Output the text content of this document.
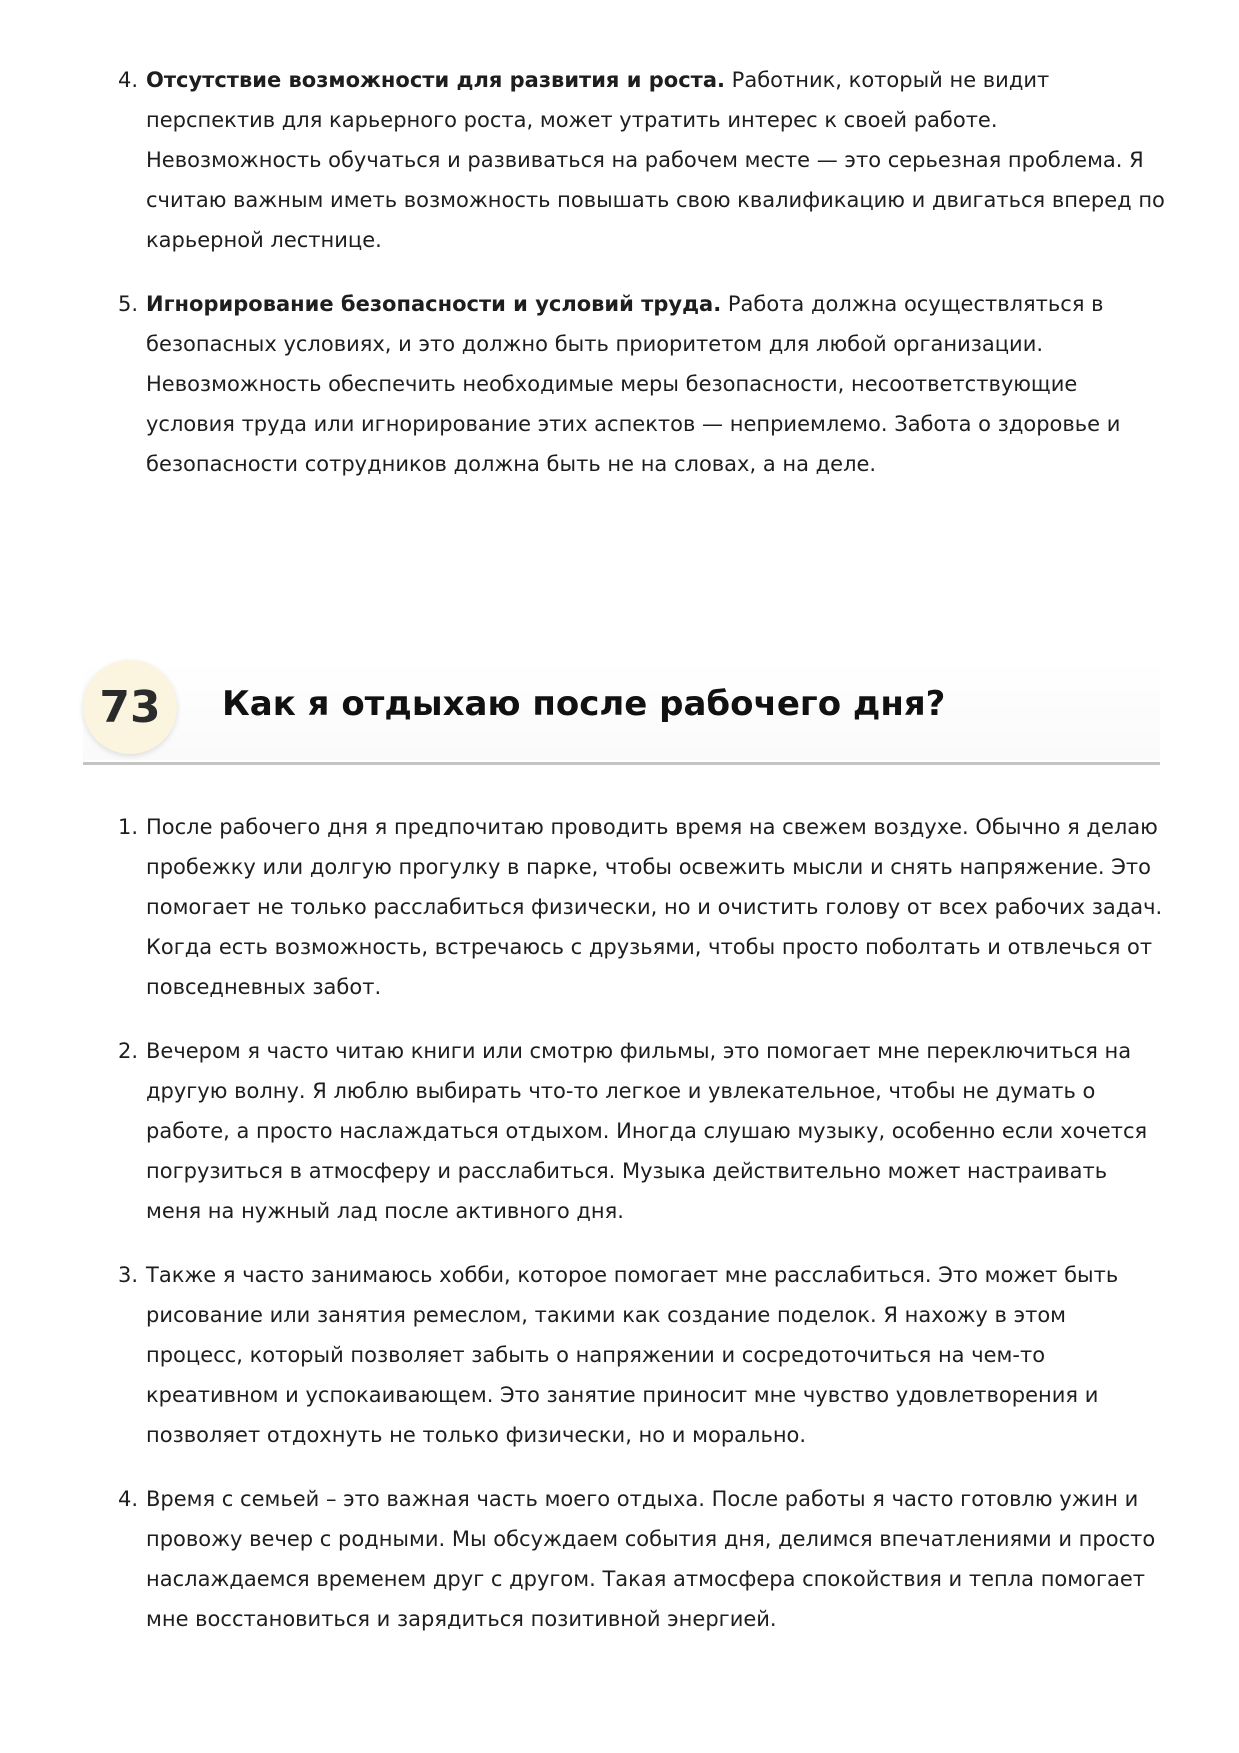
4. Отсутствие возможности для развития и роста. Работник, который не видит перспектив для карьерного роста, может утратить интерес к своей работе. Невозможность обучаться и развиваться на рабочем месте — это серьезная проблема. Я считаю важным иметь возможность повышать свою квалификацию и двигаться вперед по карьерной лестнице.
5. Игнорирование безопасности и условий труда. Работа должна осуществляться в безопасных условиях, и это должно быть приоритетом для любой организации. Невозможность обеспечить необходимые меры безопасности, несоответствующие условия труда или игнорирование этих аспектов — неприемлемо. Забота о здоровье и безопасности сотрудников должна быть не на словах, а на деле.
73	Как я отдыхаю после рабочего дня?
1. После рабочего дня я предпочитаю проводить время на свежем воздухе. Обычно я делаю пробежку или долгую прогулку в парке, чтобы освежить мысли и снять напряжение. Это помогает не только расслабиться физически, но и очистить голову от всех рабочих задач. Когда есть возможность, встречаюсь с друзьями, чтобы просто поболтать и отвлечься от повседневных забот.
2. Вечером я часто читаю книги или смотрю фильмы, это помогает мне переключиться на другую волну. Я люблю выбирать что-то легкое и увлекательное, чтобы не думать о работе, а просто наслаждаться отдыхом. Иногда слушаю музыку, особенно если хочется погрузиться в атмосферу и расслабиться. Музыка действительно может настраивать меня на нужный лад после активного дня.
3. Также я часто занимаюсь хобби, которое помогает мне расслабиться. Это может быть рисование или занятия ремеслом, такими как создание поделок. Я нахожу в этом процесс, который позволяет забыть о напряжении и сосредоточиться на чем-то креативном и успокаивающем. Это занятие приносит мне чувство удовлетворения и позволяет отдохнуть не только физически, но и морально.
4. Время с семьей – это важная часть моего отдыха. После работы я часто готовлю ужин и провожу вечер с родными. Мы обсуждаем события дня, делимся впечатлениями и просто наслаждаемся временем друг с другом. Такая атмосфера спокойствия и тепла помогает мне восстановиться и зарядиться позитивной энергией.
